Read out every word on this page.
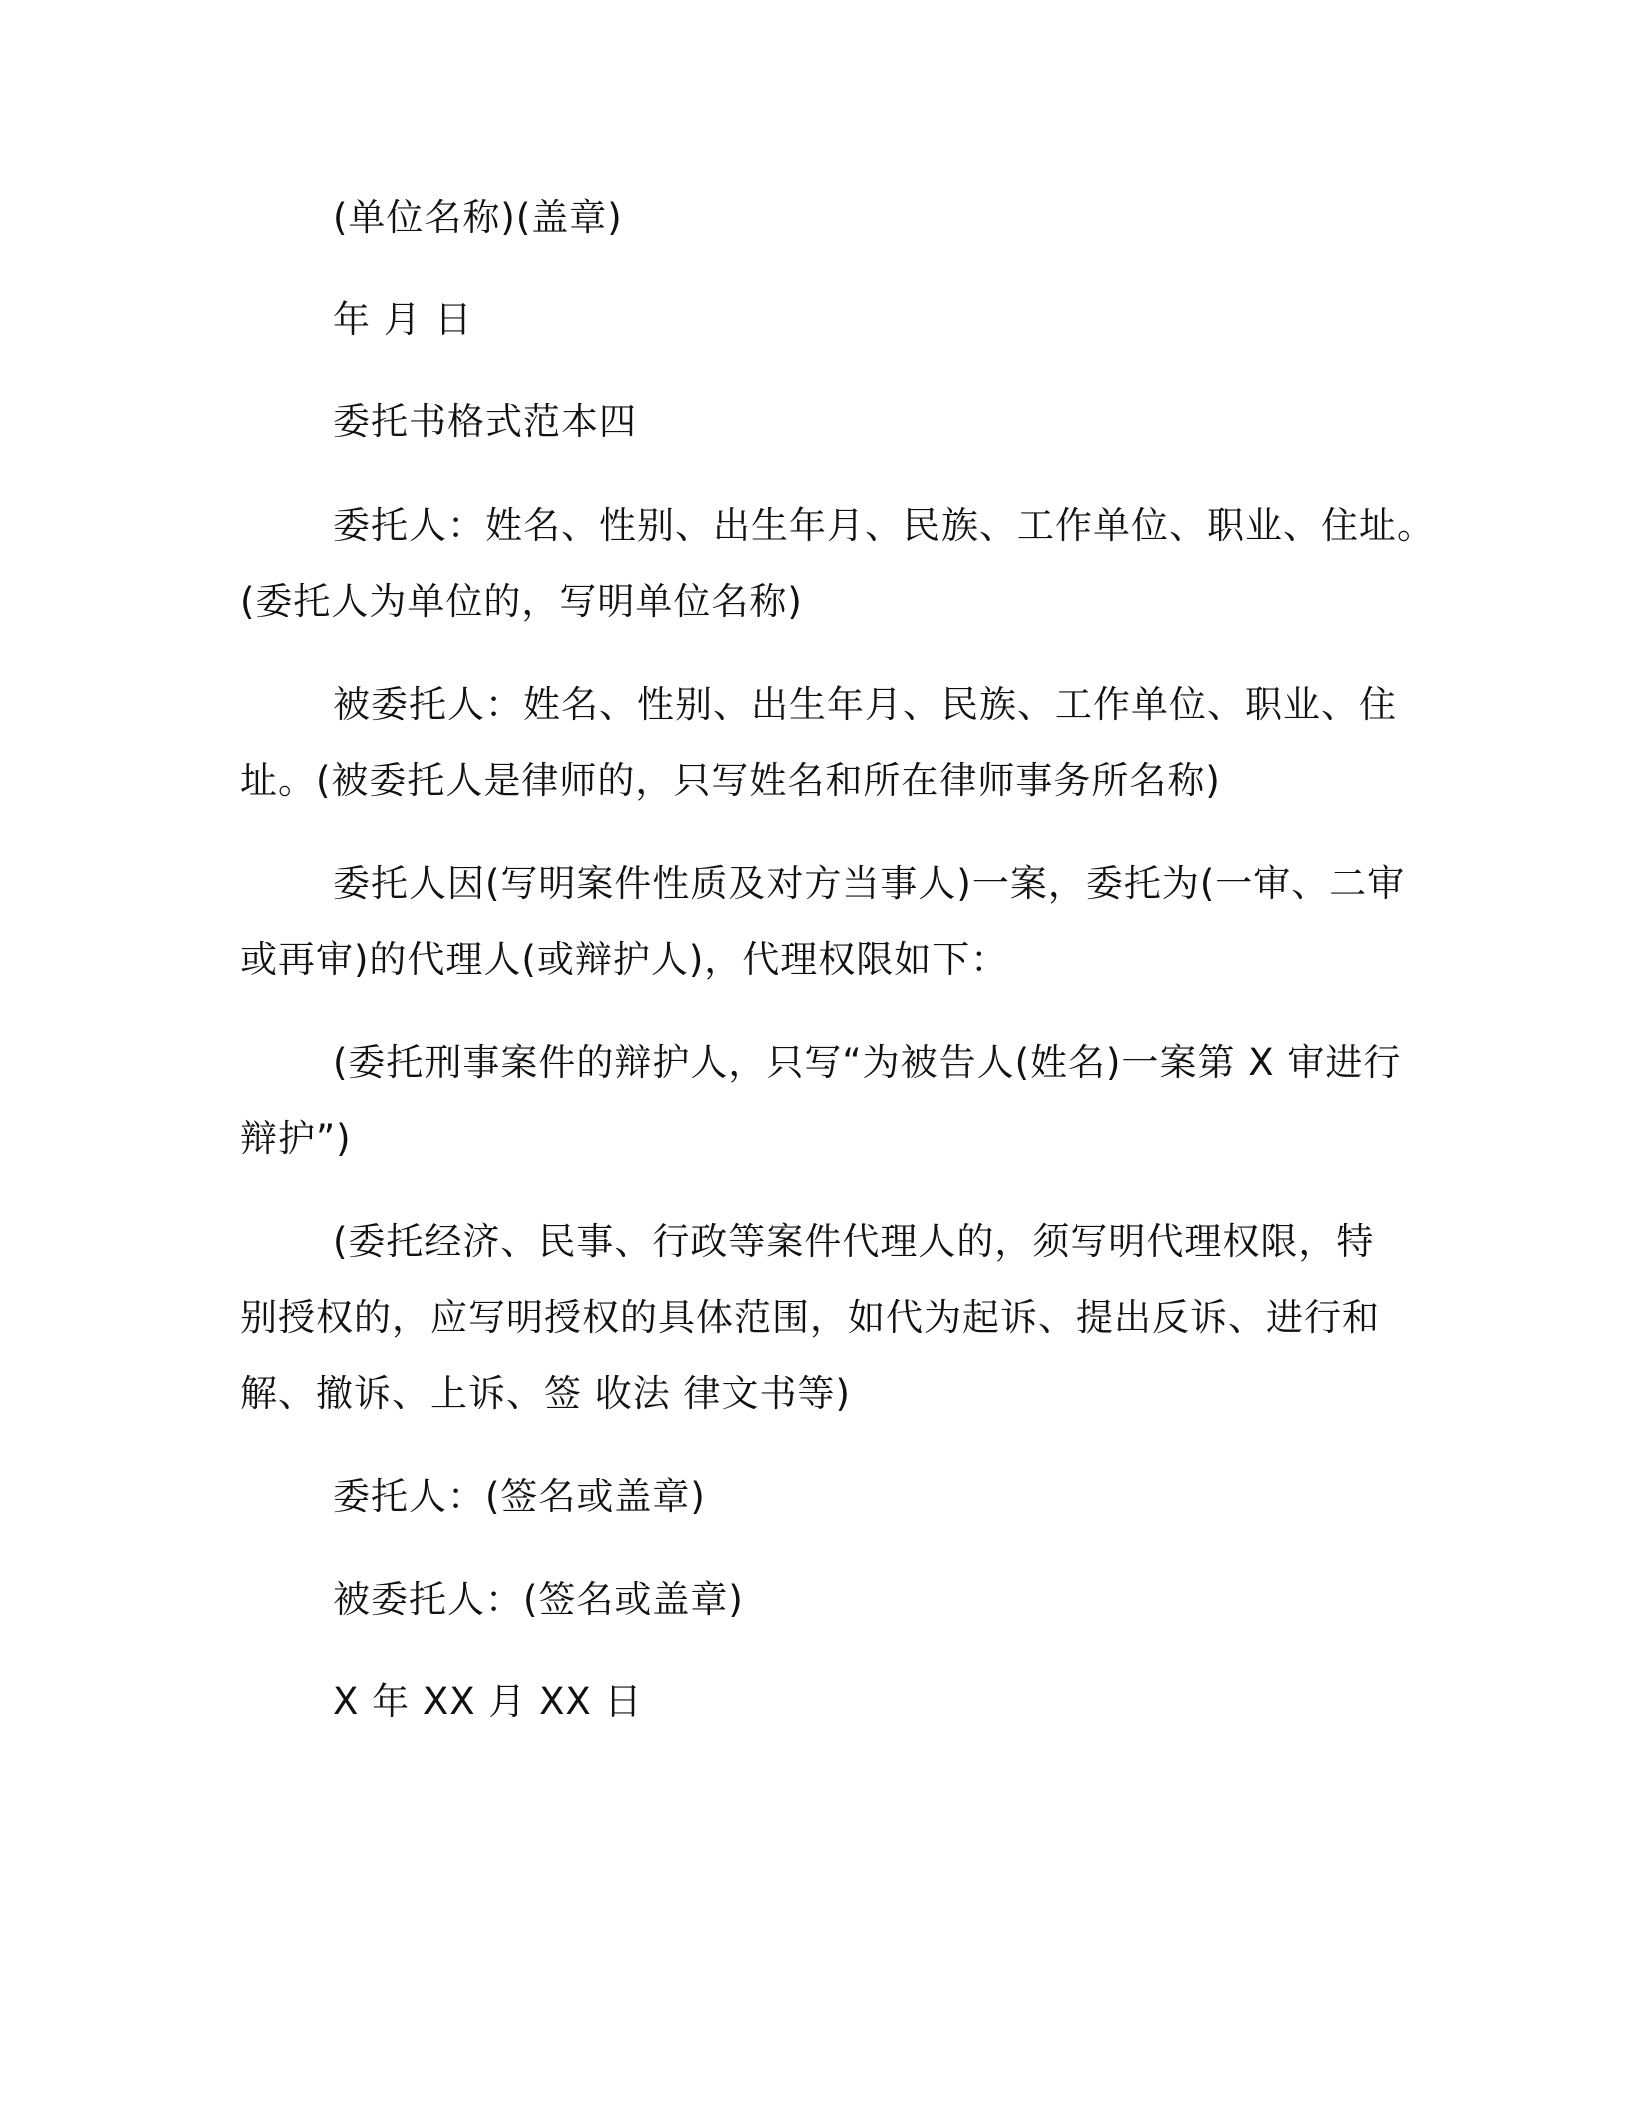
(单位名称)(盖章)
年 月 日
委托书格式范本四
委托人：姓名、性别、出生年月、民族、工作单位、职业、住址。
(委托人为单位的，写明单位名称)
被委托人：姓名、性别、出生年月、民族、工作单位、职业、住
址。(被委托人是律师的，只写姓名和所在律师事务所名称)
委托人因(写明案件性质及对方当事人)一案，委托为(一审、二审
或再审)的代理人(或辩护人)，代理权限如下：
(委托刑事案件的辩护人，只写“为被告人(姓名)一案第 X 审进行
辩护”)
(委托经济、民事、行政等案件代理人的，须写明代理权限，特
别授权的，应写明授权的具体范围，如代为起诉、提出反诉、进行和
解、撤诉、上诉、签 收法 律文书等)
委托人：(签名或盖章)
被委托人：(签名或盖章)
X 年 XX 月 XX 日
